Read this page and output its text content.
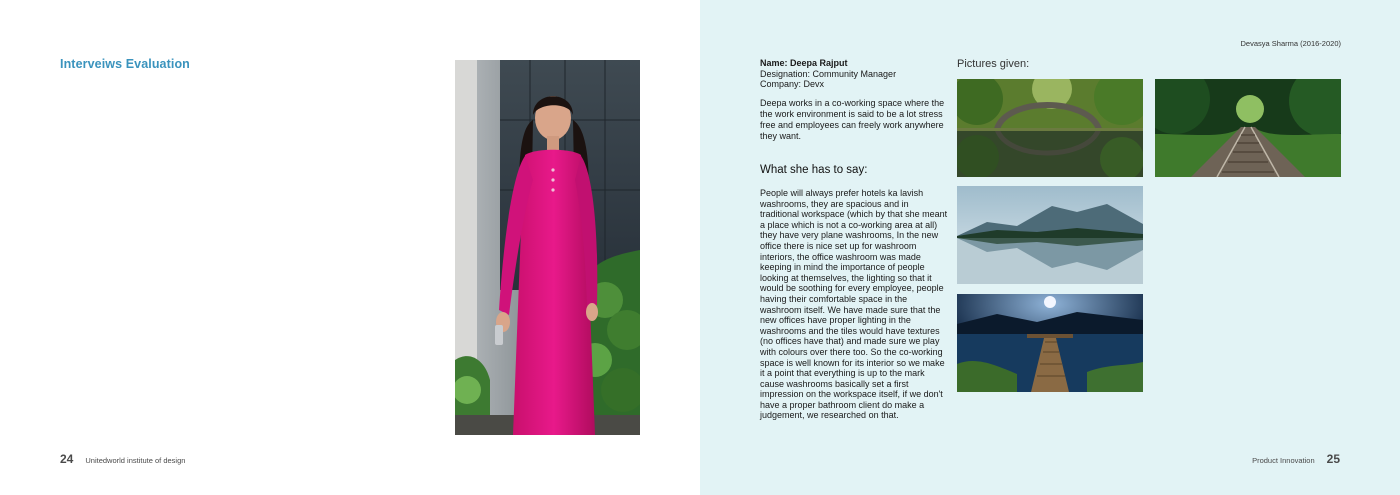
Interveiws Evaluation
24 Unitedworld institute of design
Devasya Sharma (2016-2020)
Name: Deepa Rajput
Designation: Community Manager
Company: Devx

Deepa works in a co-working space where the the work environment is said to be a lot stress free and employees can freely work anywhere they want.

What she has to say:

People will always prefer hotels ka lavish washrooms, they are spacious and in traditional workspace (which by that she meant a place which is not a co-working area at all) they have very plane washrooms, In the new office there is nice set up for washroom interiors, the office washroom was made keeping in mind the importance of people looking at themselves, the lighting so that it would be soothing for every employee, people having their comfortable space in the washroom itself. We have made sure that the new offices have proper lighting in the washrooms and the tiles would have textures (no offices have that) and made sure we play with colours over there too. So the co-working space is well known for its interior so we make it a point that everything is up to the mark cause washrooms basically set a first impression on the workspace itself, if we don't have a proper bathroom client do make a judgement, we researched on that.

Pictures given:
Product Innovation 25
